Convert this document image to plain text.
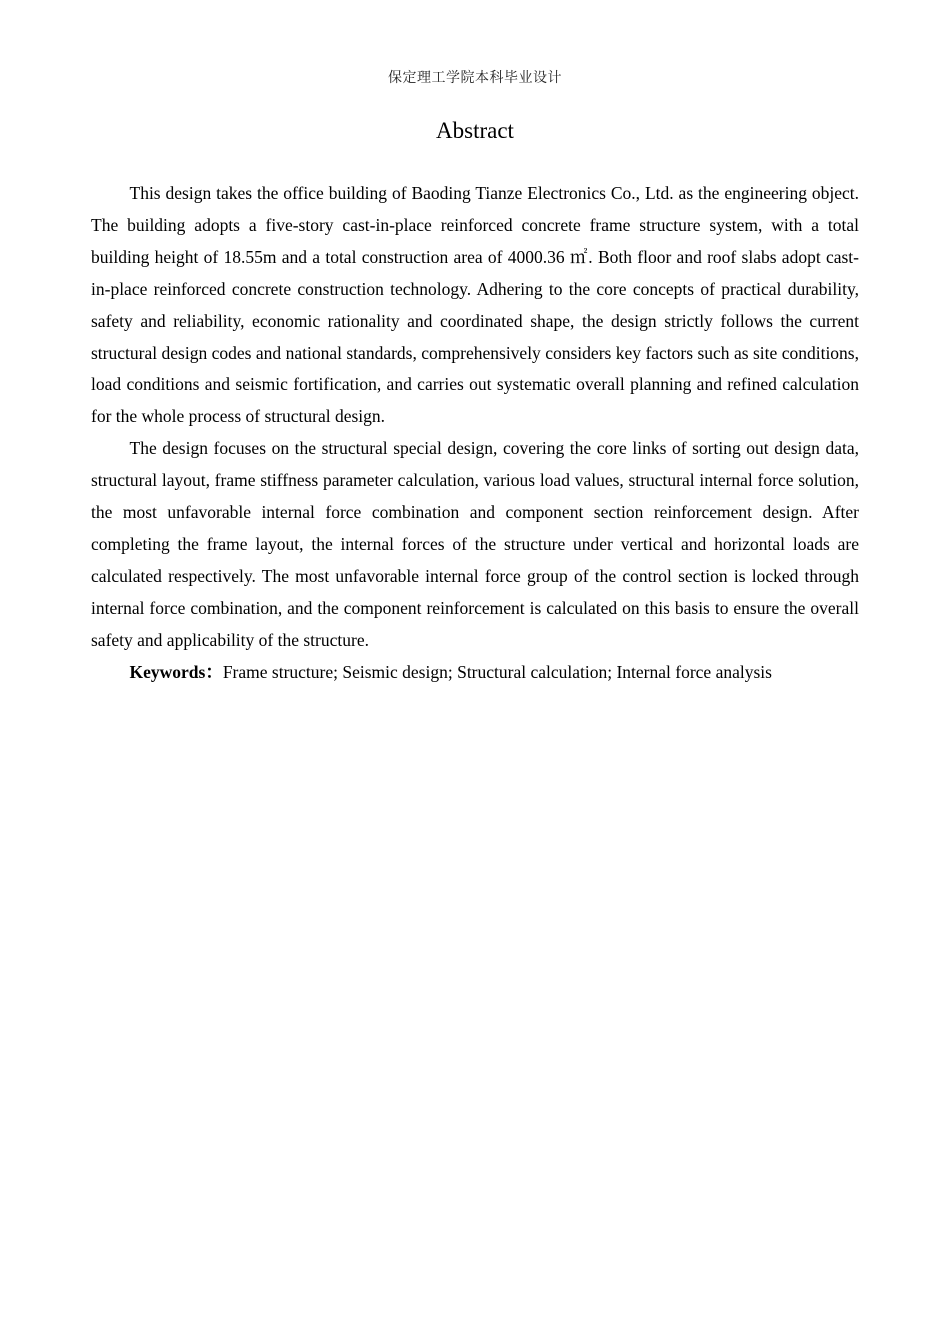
保定理工学院本科毕业设计
Abstract

This design takes the office building of Baoding Tianze Electronics Co., Ltd. as the engineering object. The building adopts a five-story cast-in-place reinforced concrete frame structure system, with a total building height of 18.55m and a total construction area of 4000.36 ㎡. Both floor and roof slabs adopt cast-in-place reinforced concrete construction technology. Adhering to the core concepts of practical durability, safety and reliability, economic rationality and coordinated shape, the design strictly follows the current structural design codes and national standards, comprehensively considers key factors such as site conditions, load conditions and seismic fortification, and carries out systematic overall planning and refined calculation for the whole process of structural design.

The design focuses on the structural special design, covering the core links of sorting out design data, structural layout, frame stiffness parameter calculation, various load values, structural internal force solution, the most unfavorable internal force combination and component section reinforcement design. After completing the frame layout, the internal forces of the structure under vertical and horizontal loads are calculated respectively. The most unfavorable internal force group of the control section is locked through internal force combination, and the component reinforcement is calculated on this basis to ensure the overall safety and applicability of the structure.

Keywords：Frame structure; Seismic design; Structural calculation; Internal force analysis
